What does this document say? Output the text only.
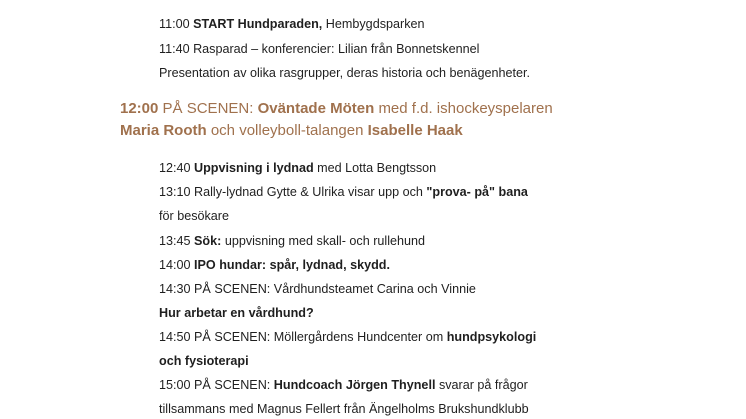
11:00 START Hundparaden, Hembygdsparken
11:40 Rasparad – konferencier: Lilian från Bonnetskennel
Presentation av olika rasgrupper, deras historia och benägenheter.
12:00 PÅ SCENEN: Oväntade Möten med f.d. ishockeyspelaren
Maria Rooth och volleyboll-talangen Isabelle Haak
12:40 Uppvisning i lydnad med Lotta Bengtsson
13:10 Rally-lydnad Gytte & Ulrika visar upp och "prova- på" bana
för besökare
13:45 Sök: uppvisning med skall- och rullehund
14:00 IPO hundar: spår, lydnad, skydd.
14:30 PÅ SCENEN: Vårdhundsteamet Carina och Vinnie
Hur arbetar en vårdhund?
14:50 PÅ SCENEN: Möllergårdens Hundcenter om hundpsykologi
och fysioterapi
15:00 PÅ SCENEN: Hundcoach Jörgen Thynell svarar på frågor
tillsammans med Magnus Fellert från Ängelholms Brukshundklubb
